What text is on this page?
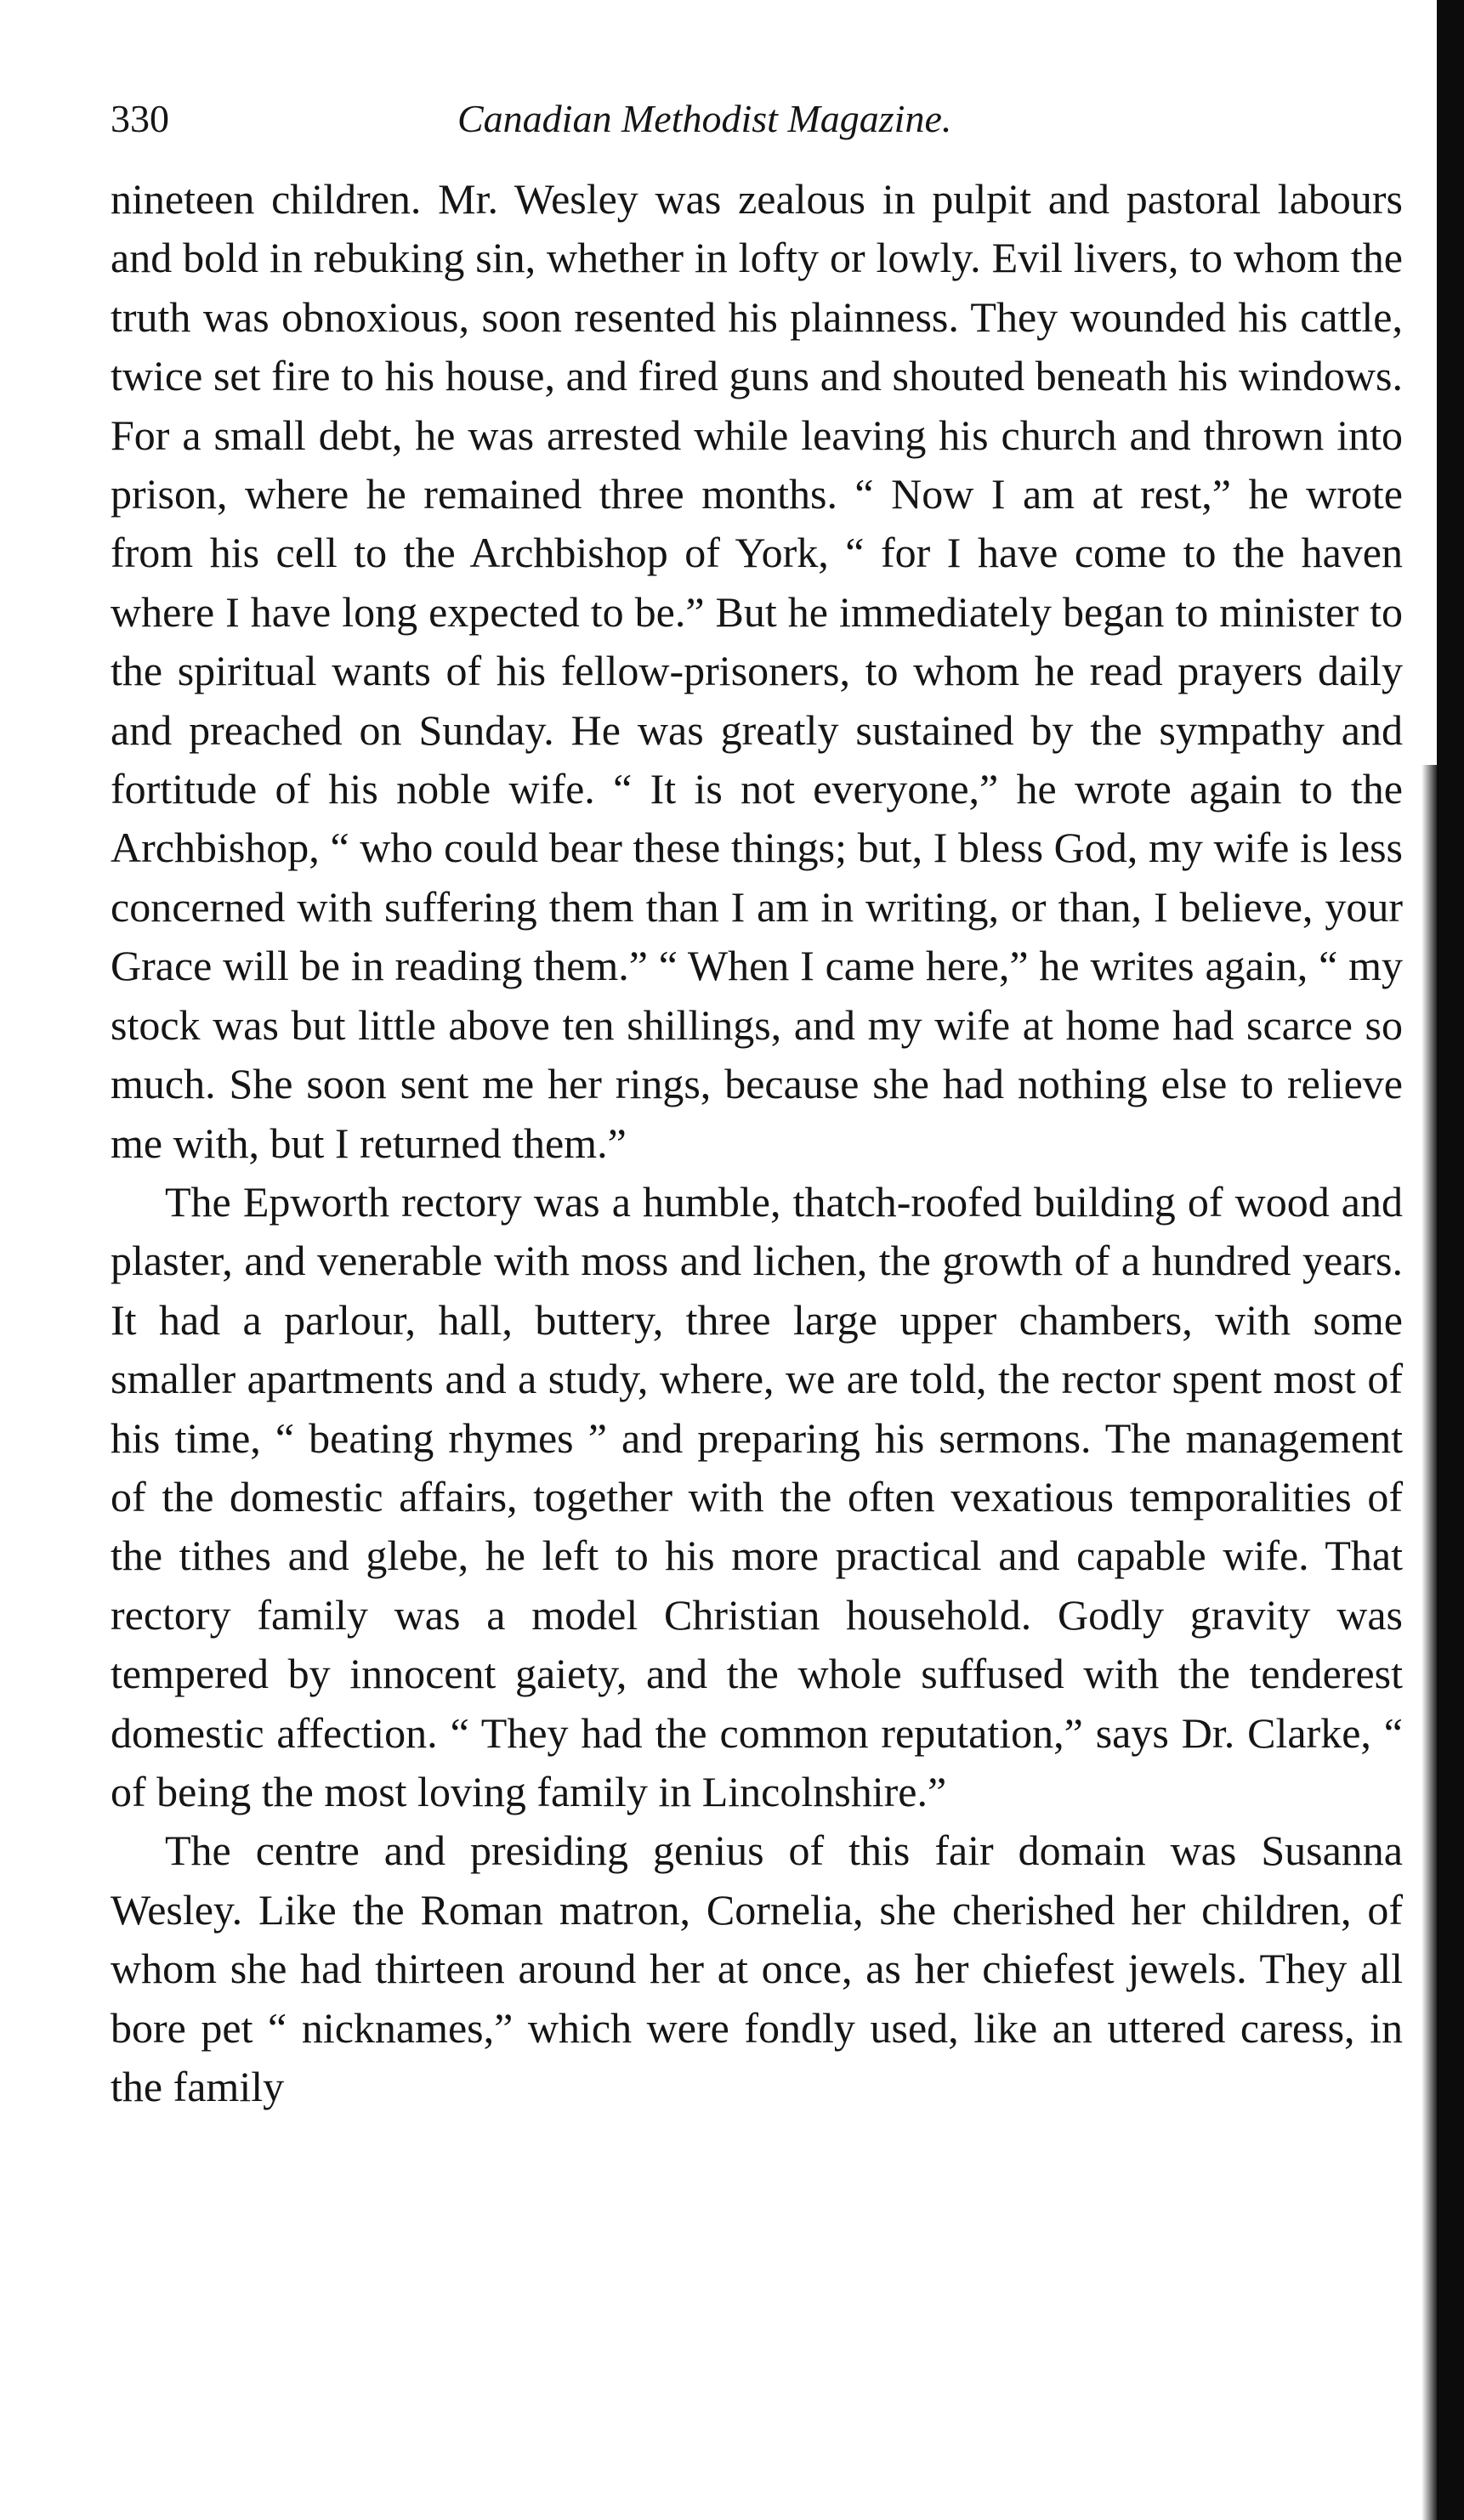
330	Canadian Methodist Magazine.

nineteen children. Mr. Wesley was zealous in pulpit and pastoral labours and bold in rebuking sin, whether in lofty or lowly. Evil livers, to whom the truth was obnoxious, soon resented his plainness. They wounded his cattle, twice set fire to his house, and fired guns and shouted beneath his windows. For a small debt, he was arrested while leaving his church and thrown into prison, where he remained three months. “ Now I am at rest,” he wrote from his cell to the Archbishop of York, “ for I have come to the haven where I have long expected to be.” But he immediately began to minister to the spiritual wants of his fellow-prisoners, to whom he read prayers daily and preached on Sunday. He was greatly sustained by the sympathy and fortitude of his noble wife. “ It is not everyone,” he wrote again to the Archbishop, “ who could bear these things; but, I bless God, my wife is less concerned with suffering them than I am in writing, or than, I believe, your Grace will be in reading them.” “ When I came here,” he writes again, “ my stock was but little above ten shillings, and my wife at home had scarce so much. She soon sent me her rings, because she had nothing else to relieve me with, but I returned them.”

The Epworth rectory was a humble, thatch-roofed building of wood and plaster, and venerable with moss and lichen, the growth of a hundred years. It had a parlour, hall, buttery, three large upper chambers, with some smaller apartments and a study, where, we are told, the rector spent most of his time, “ beating rhymes ” and preparing his sermons. The management of the domestic affairs, together with the often vexatious temporalities of the tithes and glebe, he left to his more practical and capable wife. That rectory family was a model Christian household. Godly gravity was tempered by innocent gaiety, and the whole suffused with the tenderest domestic affection. “ They had the common reputation,” says Dr. Clarke, “ of being the most loving family in Lincolnshire.”

The centre and presiding genius of this fair domain was Susanna Wesley. Like the Roman matron, Cornelia, she cherished her children, of whom she had thirteen around her at once, as her chiefest jewels. They all bore pet “ nicknames,” which were fondly used, like an uttered caress, in the family
